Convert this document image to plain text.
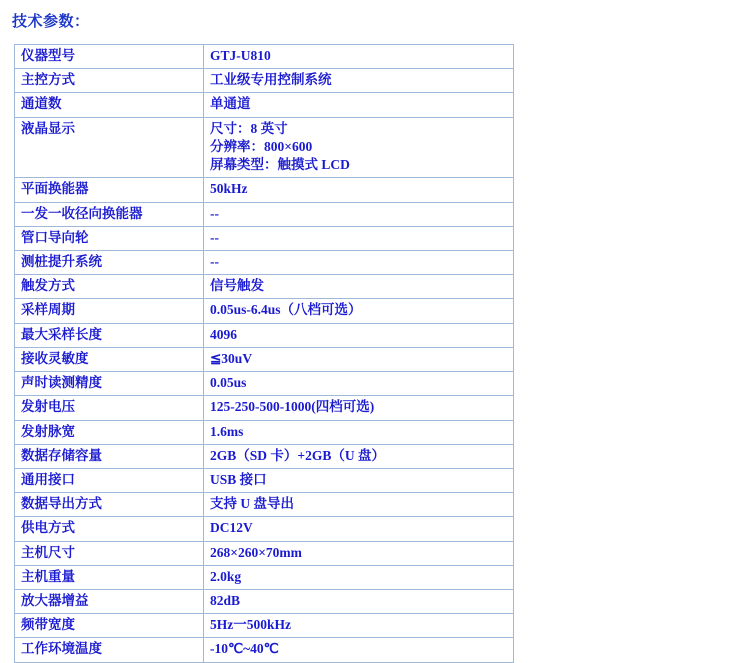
技术参数：
仪器型号	GTJ-U810
主控方式	工业级专用控制系统
通道数	单通道
液晶显示	尺寸：8 英寸
分辨率：800×600
屏幕类型：触摸式 LCD

平面换能器	50kHz
一发一收径向换能器	--
管口导向轮	--
测桩提升系统	--
触发方式	信号触发
采样周期	0.05us-6.4us（八档可选）
最大采样长度	4096
接收灵敏度	≦30uV
声时读测精度	0.05us
发射电压	125-250-500-1000(四档可选)
发射脉宽	1.6ms
数据存储容量	2GB（SD 卡）+2GB（U 盘）
通用接口	USB 接口
数据导出方式	支持 U 盘导出
供电方式	DC12V
主机尺寸	268×260×70mm
主机重量	2.0kg
放大器增益	82dB
频带宽度	5Hz一500kHz
工作环境温度	-10℃~40℃
